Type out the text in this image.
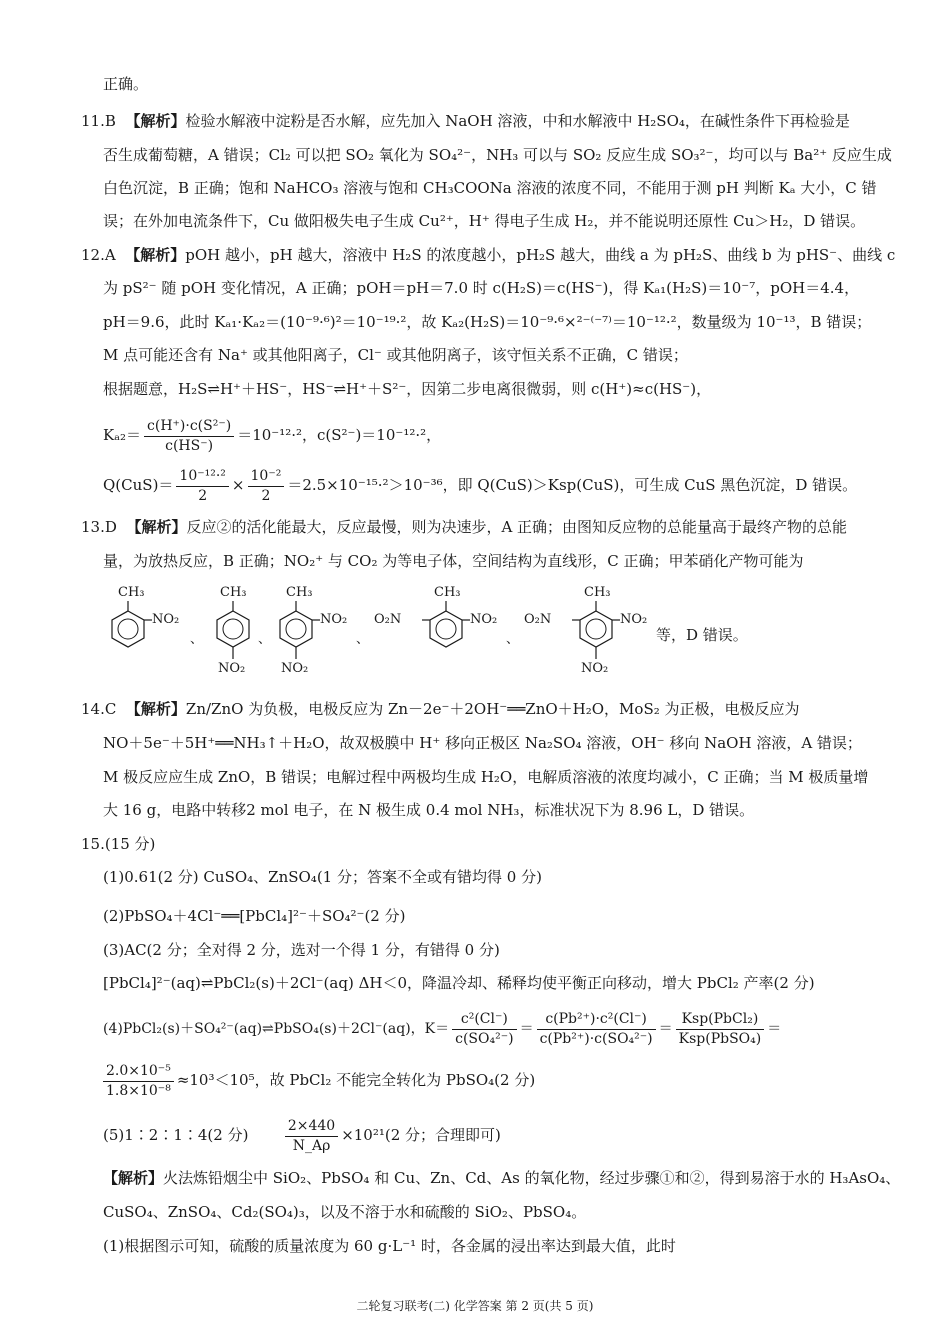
正确。
11.B 【解析】检验水解液中淀粉是否水解，应先加入 NaOH 溶液，中和水解液中 H₂SO₄，在碱性条件下再检验是
否生成葡萄糖，A 错误；Cl₂ 可以把 SO₂ 氧化为 SO₄²⁻，NH₃ 可以与 SO₂ 反应生成 SO₃²⁻，均可以与 Ba²⁺ 反应生成
白色沉淀，B 正确；饱和 NaHCO₃ 溶液与饱和 CH₃COONa 溶液的浓度不同，不能用于测 pH 判断 Kₐ 大小，C 错
误；在外加电流条件下，Cu 做阳极失电子生成 Cu²⁺，H⁺ 得电子生成 H₂，并不能说明还原性 Cu＞H₂，D 错误。
12.A 【解析】pOH 越小，pH 越大，溶液中 H₂S 的浓度越小，pH₂S 越大，曲线 a 为 pH₂S、曲线 b 为 pHS⁻、曲线 c
为 pS²⁻ 随 pOH 变化情况，A 正确；pOH＝pH＝7.0 时 c(H₂S)＝c(HS⁻)，得 Kₐ₁(H₂S)＝10⁻⁷，pOH＝4.4，
pH＝9.6，此时 Kₐ₁·Kₐ₂＝(10⁻⁹·⁶)²＝10⁻¹⁹·²，故 Kₐ₂(H₂S)＝10⁻⁹·⁶×²⁻⁽⁻⁷⁾＝10⁻¹²·²，数量级为 10⁻¹³，B 错误；
M 点可能还含有 Na⁺ 或其他阳离子，Cl⁻ 或其他阴离子，该守恒关系不正确，C 错误；
根据题意，H₂S⇌H⁺＋HS⁻，HS⁻⇌H⁺＋S²⁻，因第二步电离很微弱，则 c(H⁺)≈c(HS⁻)，
$K_{a2}= \frac{\text{c(H⁺)·c(S²⁻)}}{c(HS^-)} =10^{-12}\cdot^2$，c(S²⁻)＝10⁻¹²·²，
$Q(CuS)= \frac{\text{10⁻¹²·²}}{2} \times \frac{\text{10⁻²}}{2} =2.5\times 10^{-15}\cdot^2>10^{-36}$，即 Q(CuS)＞Ksp(CuS)，可生成 CuS 黑色沉淀，D 错误。
13.D 【解析】反应②的活化能最大，反应最慢，则为决速步，A 正确；由图知反应物的总能量高于最终产物的总能
量，为放热反应，B 正确；NO₂⁺ 与 CO₂ 为等电子体，空间结构为直线形，C 正确；甲苯硝化产物可能为
CH₃
NO₂
、
CH₃
NO₂
、
CH₃
NO₂
NO₂
、
O₂N
CH₃
NO₂
、
O₂N
CH₃
NO₂
NO₂
等，D 错误。
14.C 【解析】Zn/ZnO 为负极，电极反应为 Zn－2e⁻＋2OH⁻══ZnO＋H₂O，MoS₂ 为正极，电极反应为
NO＋5e⁻＋5H⁺══NH₃↑＋H₂O，故双极膜中 H⁺ 移向正极区 Na₂SO₄ 溶液，OH⁻ 移向 NaOH 溶液，A 错误；
M 极反应应生成 ZnO，B 错误；电解过程中两极均生成 H₂O，电解质溶液的浓度均减小，C 正确；当 M 极质量增
大 16 g，电路中转移2 mol 电子，在 N 极生成 0.4 mol NH₃，标准状况下为 8.96 L，D 错误。
15.(15 分)
(1)0.61(2 分) CuSO₄、ZnSO₄(1 分；答案不全或有错均得 0 分)
(2)PbSO₄＋4Cl⁻══[PbCl₄]²⁻＋SO₄²⁻(2 分)
(3)AC(2 分；全对得 2 分，选对一个得 1 分，有错得 0 分)
[PbCl₄]²⁻(aq)⇌PbCl₂(s)＋2Cl⁻(aq) ΔH＜0，降温冷却、稀释均使平衡正向移动，增大 PbCl₂ 产率(2 分)
(4)PbCl₂(s)＋SO₄²⁻(aq)⇌PbSO₄(s)＋2Cl⁻(aq)，$K= \frac{\text{c²(Cl⁻)}}{\text{c(SO₄²⁻)}} = \frac{\text{c(Pb²⁺)·c²(Cl⁻)}}{\text{c(Pb²⁺)·c(SO₄²⁻)}} = \frac{\text{Ksp(PbCl₂)}}{\text{Ksp(PbSO₄)}}$ ＝
$\frac{\text{2.0×10⁻⁵}}{\text{1.8×10⁻⁸}} \approx 10^3<10^5$，故 PbCl₂ 不能完全转化为 PbSO₄(2 分)
(5)1∶2∶1∶4(2 分)	$\frac{2\times 440}{N\_A\rho} \times 10^{21}(2$ 分；合理即可)
【解析】火法炼铅烟尘中 SiO₂、PbSO₄ 和 Cu、Zn、Cd、As 的氧化物，经过步骤①和②，得到易溶于水的 H₃AsO₄、
CuSO₄、ZnSO₄、Cd₂(SO₄)₃，以及不溶于水和硫酸的 SiO₂、PbSO₄。
(1)根据图示可知，硫酸的质量浓度为 60 g·L⁻¹ 时，各金属的浸出率达到最大值，此时
二轮复习联考(二) 化学答案 第 2 页(共 5 页)
